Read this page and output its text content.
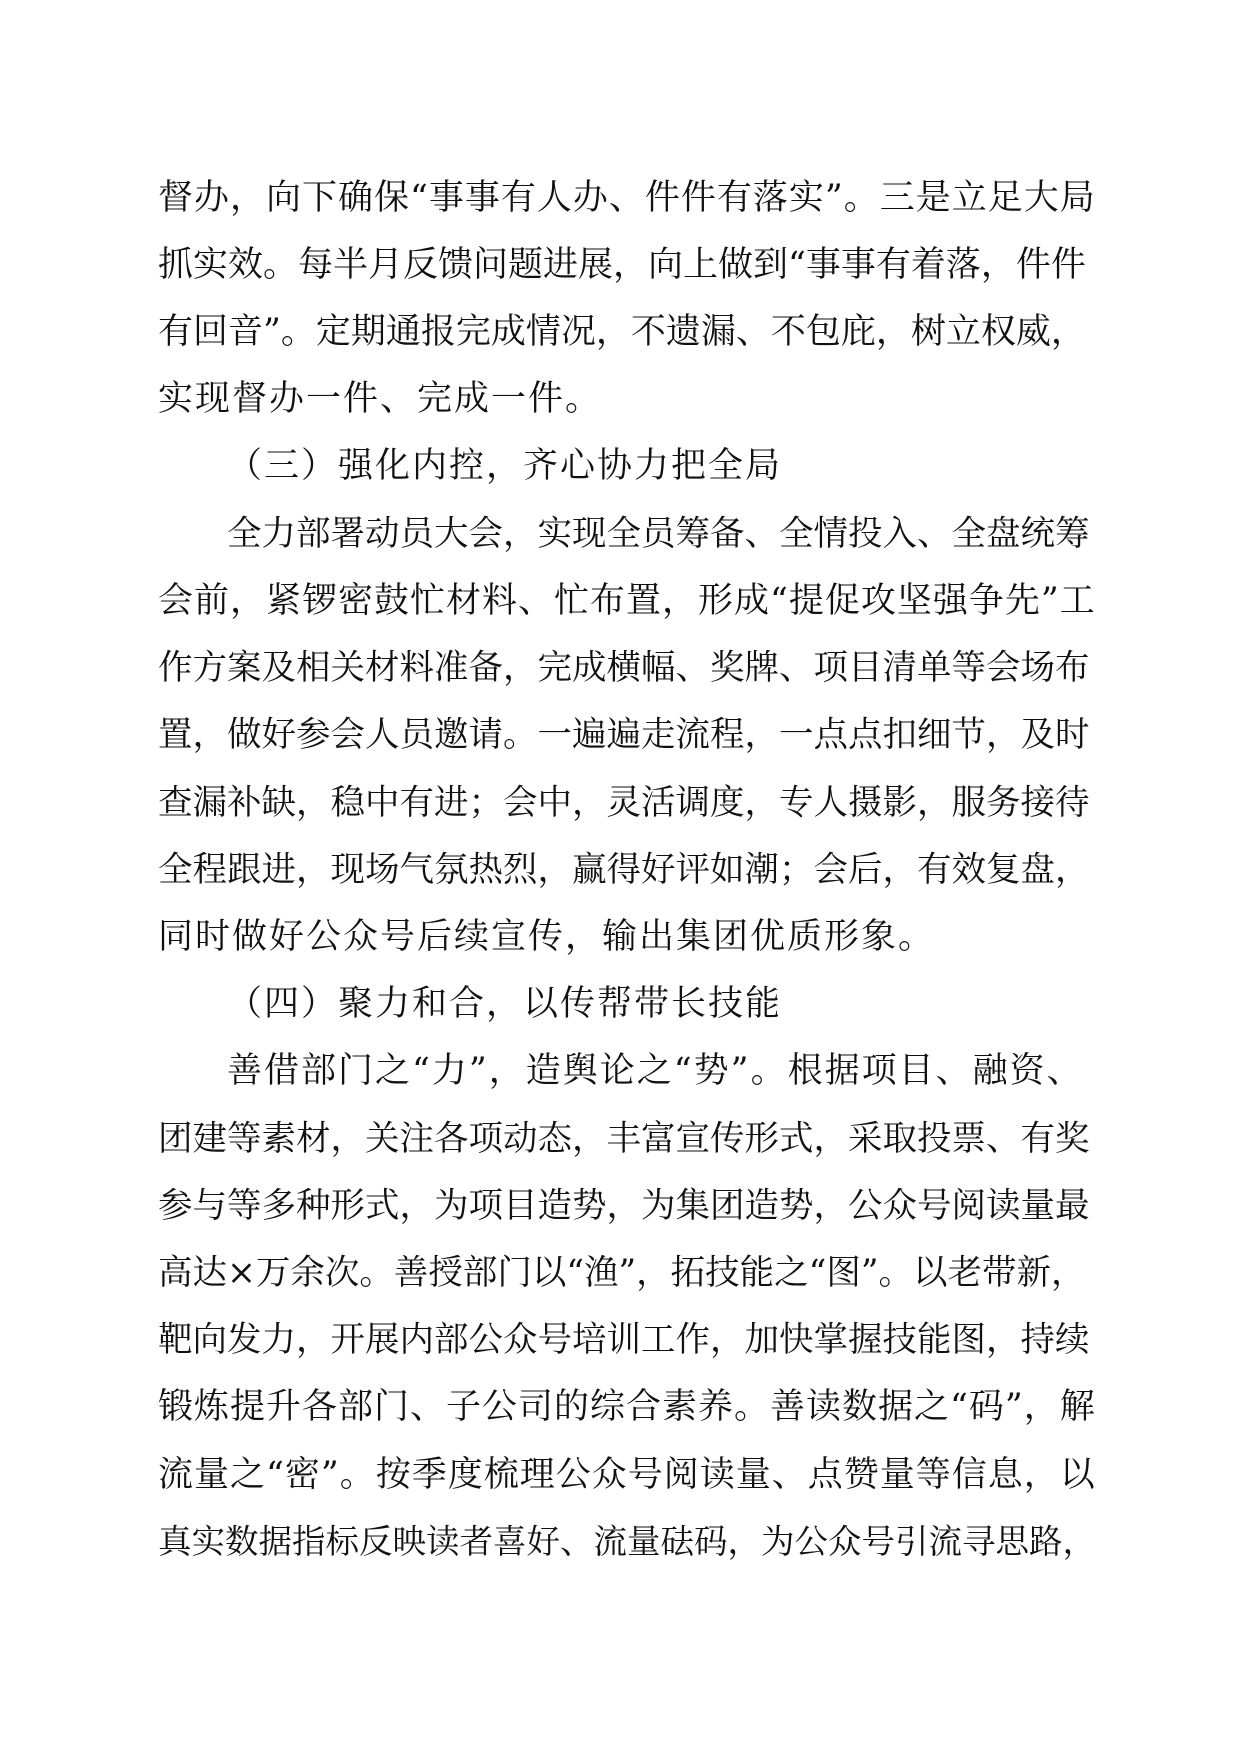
督办，向下确保“事事有人办、件件有落实”。三是立足大局
抓实效。每半月反馈问题进展，向上做到“事事有着落，件件
有回音”。定期通报完成情况，不遗漏、不包庇，树立权威，
实现督办一件、完成一件。
（三）强化内控，齐心协力把全局
全力部署动员大会，实现全员筹备、全情投入、全盘统筹
会前，紧锣密鼓忙材料、忙布置，形成“提促攻坚强争先”工
作方案及相关材料准备，完成横幅、奖牌、项目清单等会场布
置，做好参会人员邀请。一遍遍走流程，一点点扣细节，及时
查漏补缺，稳中有进；会中，灵活调度，专人摄影，服务接待
全程跟进，现场气氛热烈，赢得好评如潮；会后，有效复盘，
同时做好公众号后续宣传，输出集团优质形象。
（四）聚力和合，以传帮带长技能
善借部门之“力”，造舆论之“势”。根据项目、融资、
团建等素材，关注各项动态，丰富宣传形式，采取投票、有奖
参与等多种形式，为项目造势，为集团造势，公众号阅读量最
高达×万余次。善授部门以“渔”，拓技能之“图”。以老带新，
靶向发力，开展内部公众号培训工作，加快掌握技能图，持续
锻炼提升各部门、子公司的综合素养。善读数据之“码”，解
流量之“密”。按季度梳理公众号阅读量、点赞量等信息，以
真实数据指标反映读者喜好、流量砝码，为公众号引流寻思路，
